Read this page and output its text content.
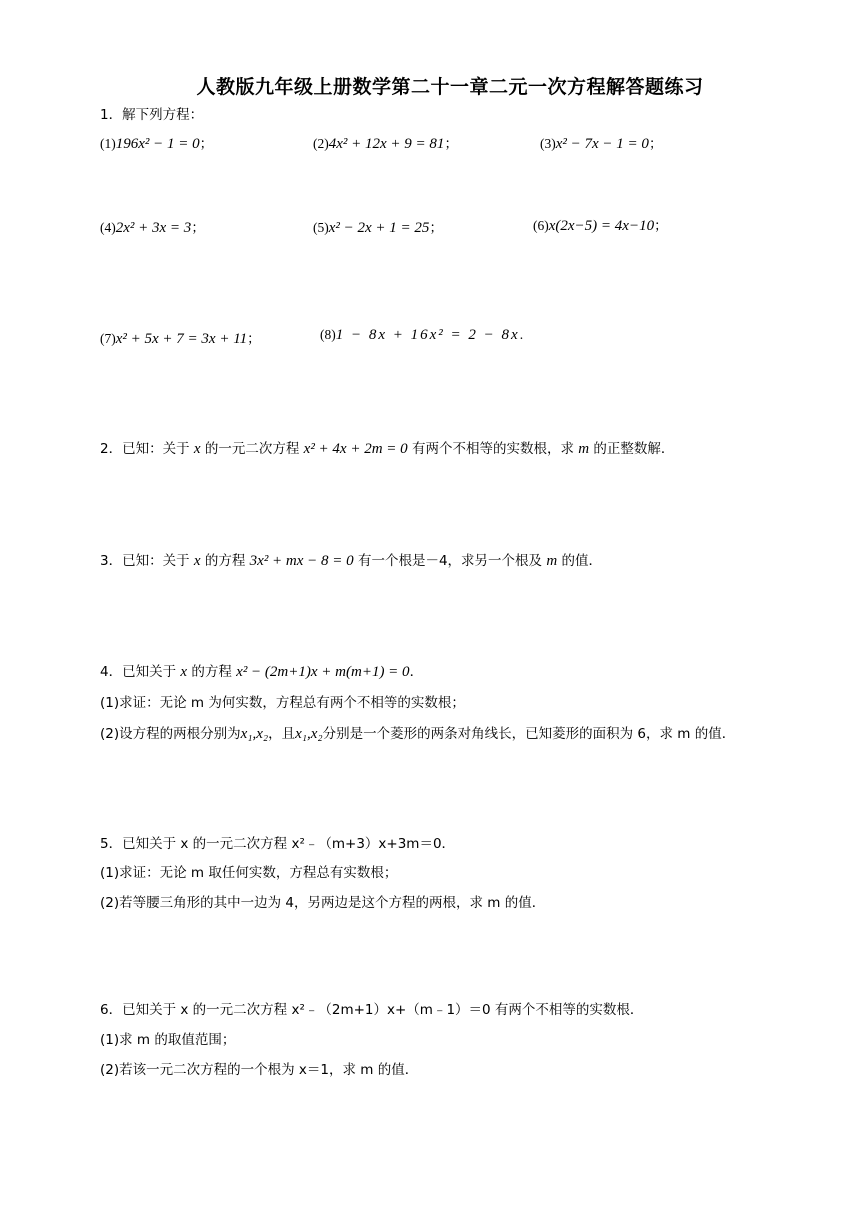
人教版九年级上册数学第二十一章二元一次方程解答题练习
1．解下列方程：
(1)196x² − 1 = 0；	(2)4x² + 12x + 9 = 81；	(3)x² − 7x − 1 = 0；
(4)2x² + 3x = 3；	(5)x² − 2x + 1 = 25；	(6)x(2x−5) = 4x−10；
(7)x² + 5x + 7 = 3x + 11；	(8)1 − 8x + 16x² = 2 − 8x.
2．已知：关于 x 的一元二次方程 x² + 4x + 2m = 0 有两个不相等的实数根，求 m 的正整数解．
3．已知：关于 x 的方程 3x² + mx − 8 = 0 有一个根是－4，求另一个根及 m 的值．
4．已知关于 x 的方程 x² − (2m+1)x + m(m+1) = 0．
(1)求证：无论 m 为何实数，方程总有两个不相等的实数根；
(2)设方程的两根分别为x₁,x₂，且x₁,x₂分别是一个菱形的两条对角线长，已知菱形的面积为 6，求 m 的值．
5．已知关于 x 的一元二次方程 x²﹣（m+3）x+3m＝0．
(1)求证：无论 m 取任何实数，方程总有实数根；
(2)若等腰三角形的其中一边为 4，另两边是这个方程的两根，求 m 的值．
6．已知关于 x 的一元二次方程 x²﹣（2m+1）x+（m﹣1）＝0 有两个不相等的实数根．
(1)求 m 的取值范围；
(2)若该一元二次方程的一个根为 x＝1，求 m 的值．
